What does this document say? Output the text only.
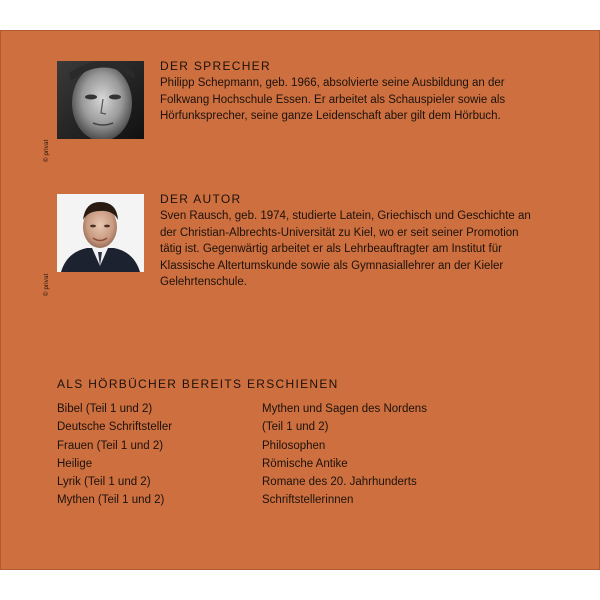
© privat
DER SPRECHER

Philipp Schepmann, geb. 1966, absolvierte seine Ausbildung an der
Folkwang Hochschule Essen. Er arbeitet als Schauspieler sowie als
Hörfunksprecher, seine ganze Leidenschaft aber gilt dem Hörbuch.

© privat
DER AUTOR

Sven Rausch, geb. 1974, studierte Latein, Griechisch und Geschichte an
der Christian-Albrechts-Universität zu Kiel, wo er seit seiner Promotion
tätig ist. Gegenwärtig arbeitet er als Lehrbeauftragter am Institut für
Klassische Altertumskunde sowie als Gymnasiallehrer an der Kieler
Gelehrtenschule.

ALS HÖRBÜCHER BEREITS ERSCHIENEN
Bibel (Teil 1 und 2)
Deutsche Schriftsteller
Frauen (Teil 1 und 2)
Heilige
Lyrik (Teil 1 und 2)
Mythen (Teil 1 und 2)
Mythen und Sagen des Nordens
(Teil 1 und 2)
Philosophen
Römische Antike
Romane des 20. Jahrhunderts
Schriftstellerinnen
